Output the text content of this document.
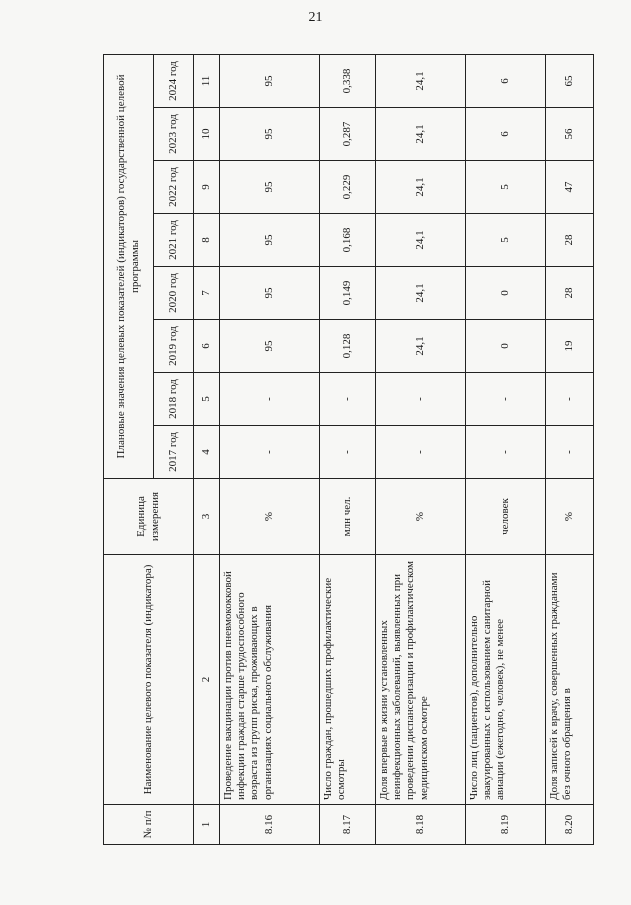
21
№ п/п	Наименование целевого показателя (индикатора)	Единица измерения	Плановые значения целевых показателей (индикаторов) государственной целевой программы							
			2017 год	2018 год	2019 год	2020 год	2021 год	2022 год	2023 год	2024 год
1	2	3	4	5	6	7	8	9	10	11
8.16	Проведение вакцинации против пневмококковой инфекции граждан старше трудоспособного возраста из групп риска, проживающих в организациях социального обслуживания	%	-	-	95	95	95	95	95	95
8.17	Число граждан, прошедших профилактические осмотры	млн чел.	-	-	0,128	0,149	0,168	0,229	0,287	0,338
8.18	Доля впервые в жизни установленных неинфекционных заболеваний, выявленных при проведении диспансеризации и профилактическом медицинском осмотре	%	-	-	24,1	24,1	24,1	24,1	24,1	24,1
8.19	Число лиц (пациентов), дополнительно эвакуированных с использованием санитарной авиации (ежегодно, человек), не менее	человек	-	-	0	0	5	5	6	6
8.20	Доля записей к врачу, совершенных гражданами без очного обращения в	%	-	-	19	28	28	47	56	65
